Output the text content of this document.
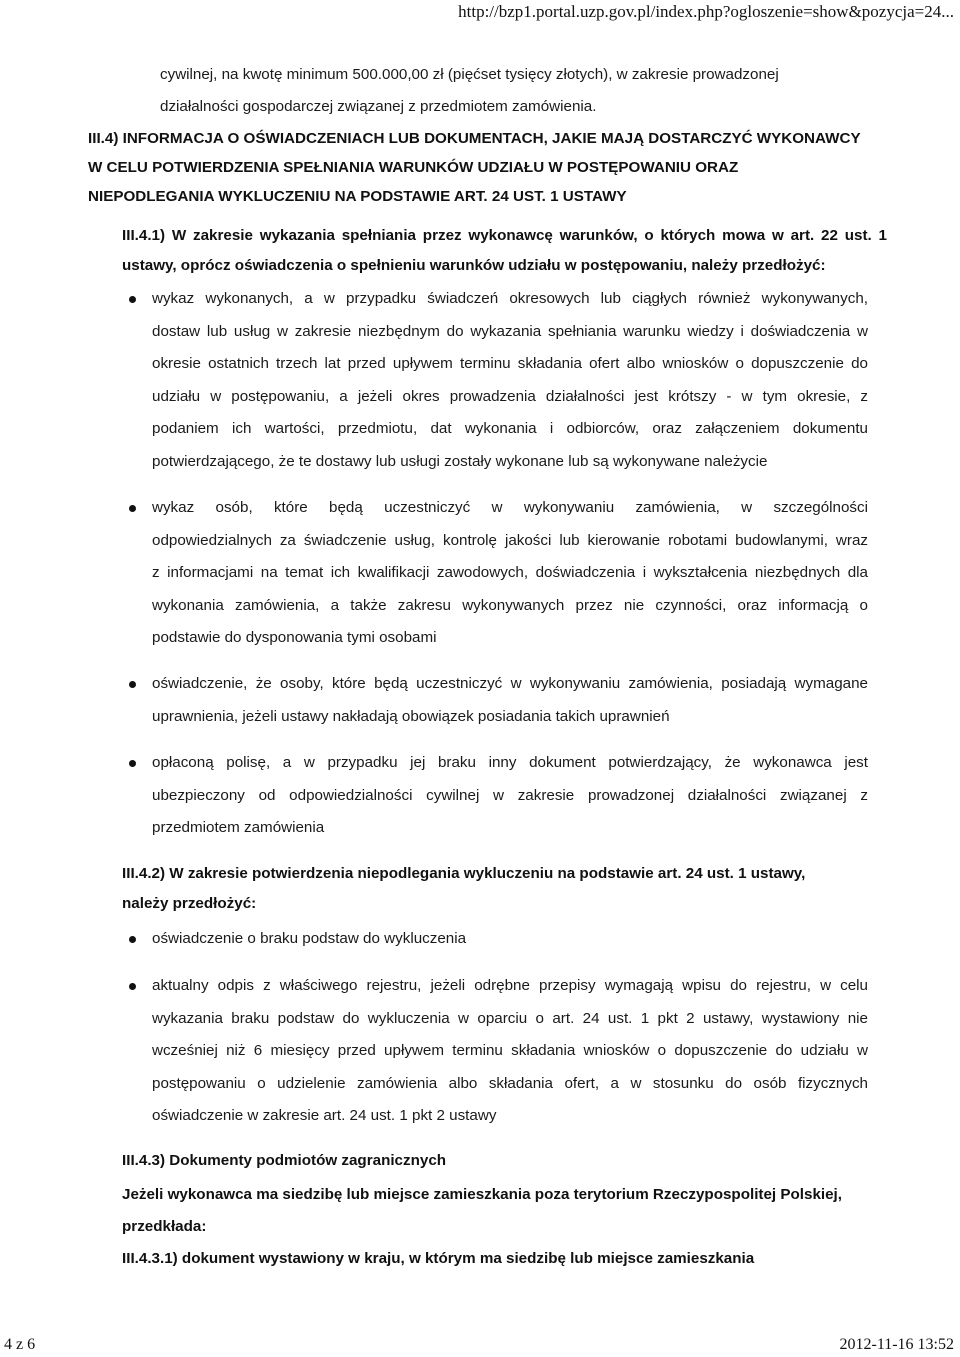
http://bzp1.portal.uzp.gov.pl/index.php?ogloszenie=show&pozycja=24...
cywilnej, na kwotę minimum 500.000,00 zł (pięćset tysięcy złotych), w zakresie prowadzonej
działalności gospodarczej związanej z przedmiotem zamówienia.
III.4) INFORMACJA O OŚWIADCZENIACH LUB DOKUMENTACH, JAKIE MAJĄ DOSTARCZYĆ WYKONAWCY
W CELU POTWIERDZENIA SPEŁNIANIA WARUNKÓW UDZIAŁU W POSTĘPOWANIU ORAZ
NIEPODLEGANIA WYKLUCZENIU NA PODSTAWIE ART. 24 UST. 1 USTAWY
III.4.1) W zakresie wykazania spełniania przez wykonawcę warunków, o których mowa w art. 22 ust. 1
ustawy, oprócz oświadczenia o spełnieniu warunków udziału w postępowaniu, należy przedłożyć:
wykaz wykonanych, a w przypadku świadczeń okresowych lub ciągłych również wykonywanych,
dostaw lub usług w zakresie niezbędnym do wykazania spełniania warunku wiedzy i doświadczenia w
okresie ostatnich trzech lat przed upływem terminu składania ofert albo wniosków o dopuszczenie do
udziału w postępowaniu, a jeżeli okres prowadzenia działalności jest krótszy - w tym okresie, z
podaniem ich wartości, przedmiotu, dat wykonania i odbiorców, oraz załączeniem dokumentu
potwierdzającego, że te dostawy lub usługi zostały wykonane lub są wykonywane należycie
wykaz osób, które będą uczestniczyć w wykonywaniu zamówienia, w szczególności
odpowiedzialnych za świadczenie usług, kontrolę jakości lub kierowanie robotami budowlanymi, wraz
z informacjami na temat ich kwalifikacji zawodowych, doświadczenia i wykształcenia niezbędnych dla
wykonania zamówienia, a także zakresu wykonywanych przez nie czynności, oraz informacją o
podstawie do dysponowania tymi osobami
oświadczenie, że osoby, które będą uczestniczyć w wykonywaniu zamówienia, posiadają wymagane
uprawnienia, jeżeli ustawy nakładają obowiązek posiadania takich uprawnień
opłaconą polisę, a w przypadku jej braku inny dokument potwierdzający, że wykonawca jest
ubezpieczony od odpowiedzialności cywilnej w zakresie prowadzonej działalności związanej z
przedmiotem zamówienia
III.4.2) W zakresie potwierdzenia niepodlegania wykluczeniu na podstawie art. 24 ust. 1 ustawy,
należy przedłożyć:
oświadczenie o braku podstaw do wykluczenia
aktualny odpis z właściwego rejestru, jeżeli odrębne przepisy wymagają wpisu do rejestru, w celu
wykazania braku podstaw do wykluczenia w oparciu o art. 24 ust. 1 pkt 2 ustawy, wystawiony nie
wcześniej niż 6 miesięcy przed upływem terminu składania wniosków o dopuszczenie do udziału w
postępowaniu o udzielenie zamówienia albo składania ofert, a w stosunku do osób fizycznych
oświadczenie w zakresie art. 24 ust. 1 pkt 2 ustawy
III.4.3) Dokumenty podmiotów zagranicznych
Jeżeli wykonawca ma siedzibę lub miejsce zamieszkania poza terytorium Rzeczypospolitej Polskiej,
przedkłada:
III.4.3.1) dokument wystawiony w kraju, w którym ma siedzibę lub miejsce zamieszkania
4 z 6	2012-11-16 13:52
